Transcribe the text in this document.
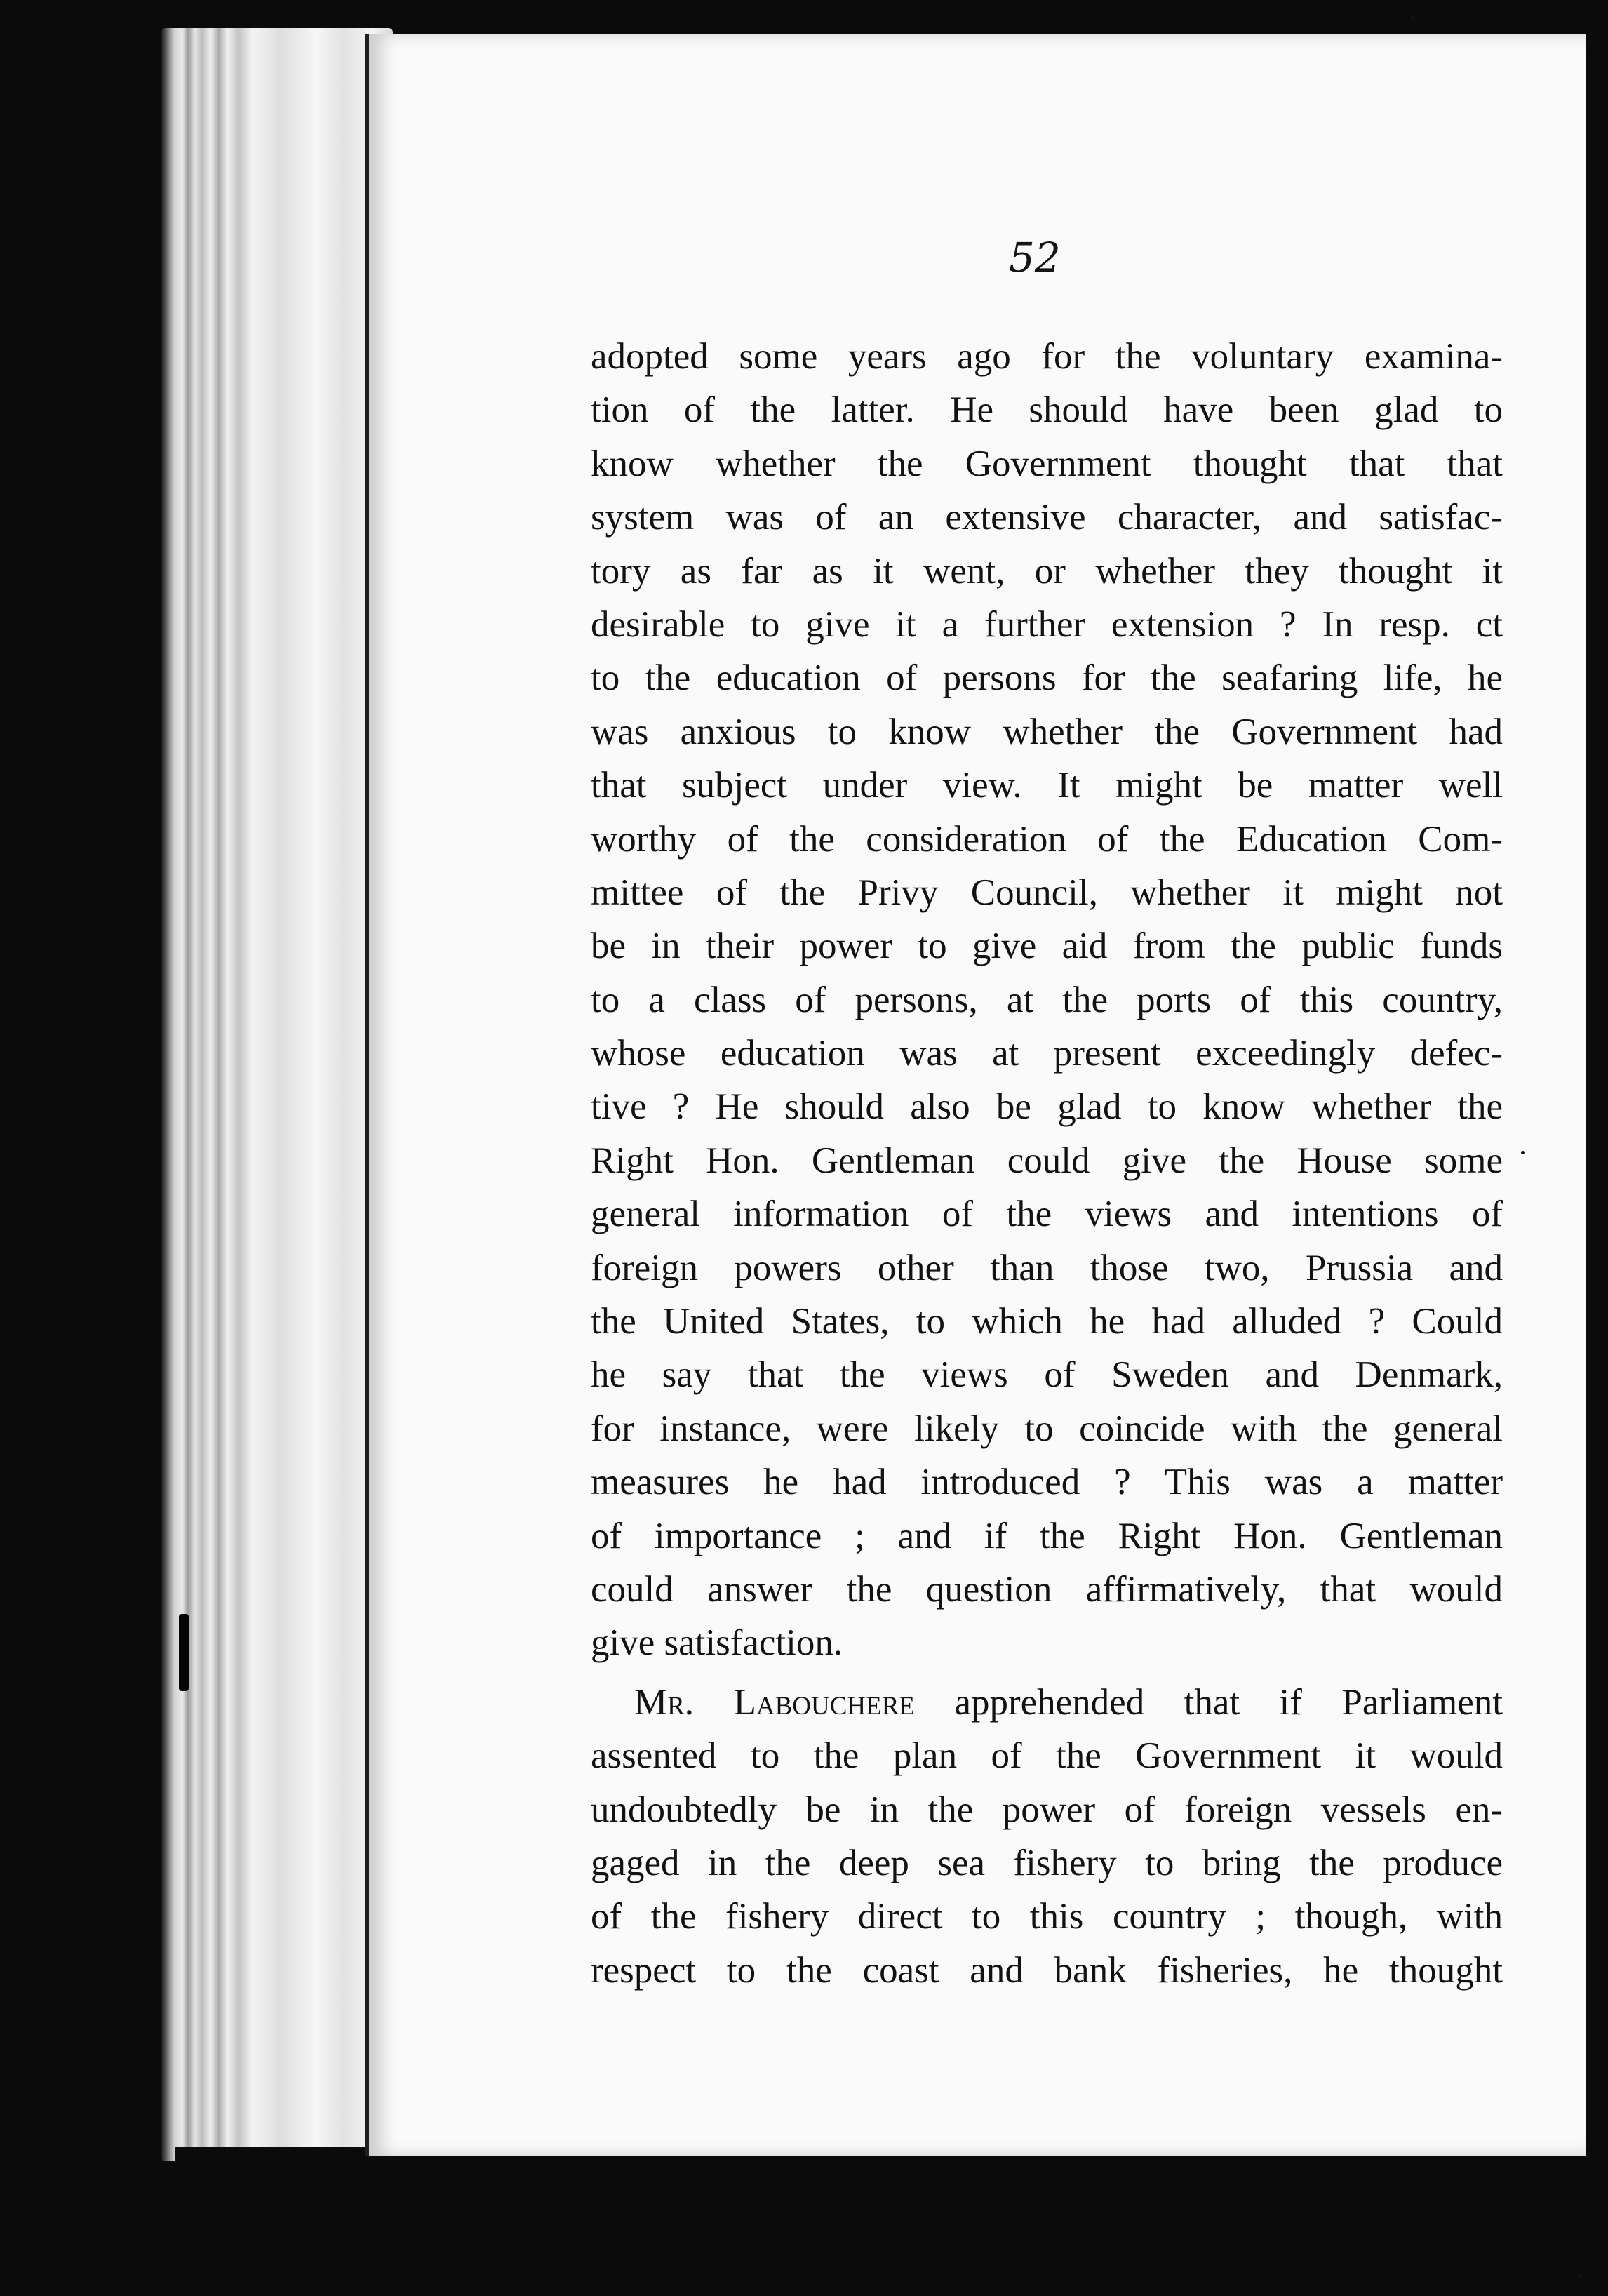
52
adopted some years ago for the voluntary examina-
tion of the latter. He should have been glad to
know whether the Government thought that that
system was of an extensive character, and satisfac-
tory as far as it went, or whether they thought it
desirable to give it a further extension ? In resp. ct
to the education of persons for the seafaring life, he
was anxious to know whether the Government had
that subject under view. It might be matter well
worthy of the consideration of the Education Com-
mittee of the Privy Council, whether it might not
be in their power to give aid from the public funds
to a class of persons, at the ports of this country,
whose education was at present exceedingly defec-
tive ? He should also be glad to know whether the
Right Hon. Gentleman could give the House some
general information of the views and intentions of
foreign powers other than those two, Prussia and
the United States, to which he had alluded ? Could
he say that the views of Sweden and Denmark,
for instance, were likely to coincide with the general
measures he had introduced ? This was a matter
of importance ; and if the Right Hon. Gentleman
could answer the question affirmatively, that would
give satisfaction.
Mr. Labouchere apprehended that if Parliament
assented to the plan of the Government it would
undoubtedly be in the power of foreign vessels en-
gaged in the deep sea fishery to bring the produce
of the fishery direct to this country ; though, with
respect to the coast and bank fisheries, he thought
